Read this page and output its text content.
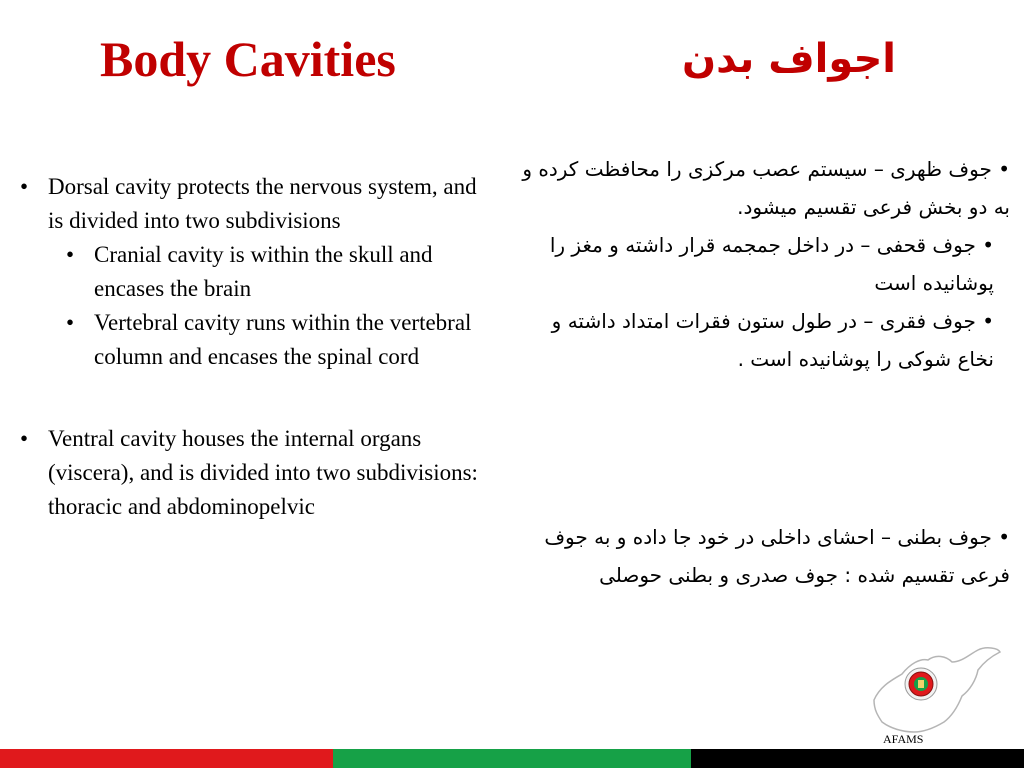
Body Cavities	اجواف بدن
• Dorsal cavity protects the nervous system, and is divided into two subdivisions
• Cranial cavity is within the skull and encases the brain
• Vertebral cavity runs within the vertebral column and encases the spinal cord
• Ventral cavity houses the internal organs (viscera), and is divided into two subdivisions: thoracic and abdominopelvic

• جوف ظهری – سیستم عصب مرکزی را محافظت کرده و به دو بخش فرعی تقسیم میشود.

• جوف قحفی – در داخل جمجمه قرار داشته و مغز را پوشانیده است

• جوف فقری – در طول ستون فقرات امتداد داشته و نخاع شوکی را پوشانیده است .

• جوف بطنی – احشای داخلی در خود جا داده و به جوف فرعی تقسیم شده : جوف صدری و بطنی حوصلی

AFAMS
